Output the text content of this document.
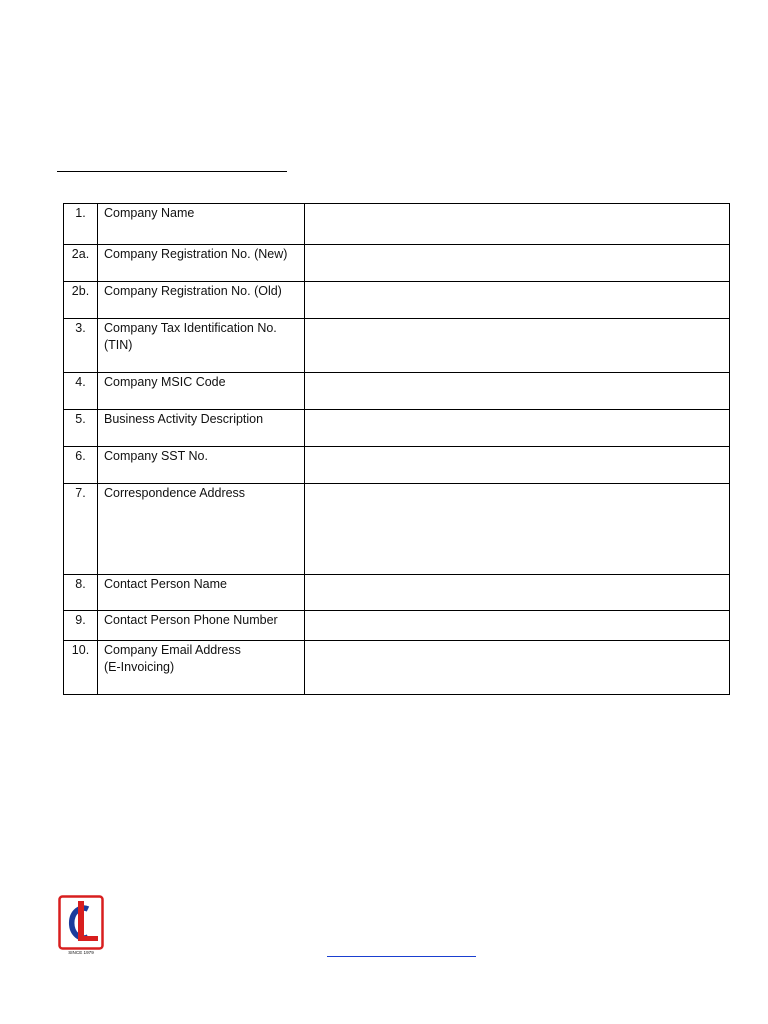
1.	Company Name	
2a.	Company Registration No. (New)	
2b.	Company Registration No. (Old)	
3.	Company Tax Identification No. (TIN)	
4.	Company MSIC Code	
5.	Business Activity Description	
6.	Company SST No.	
7.	Correspondence Address	
8.	Contact Person Name	
9.	Contact Person Phone Number	
10.	Company Email Address
(E-Invoicing)	

SINCE 1979
